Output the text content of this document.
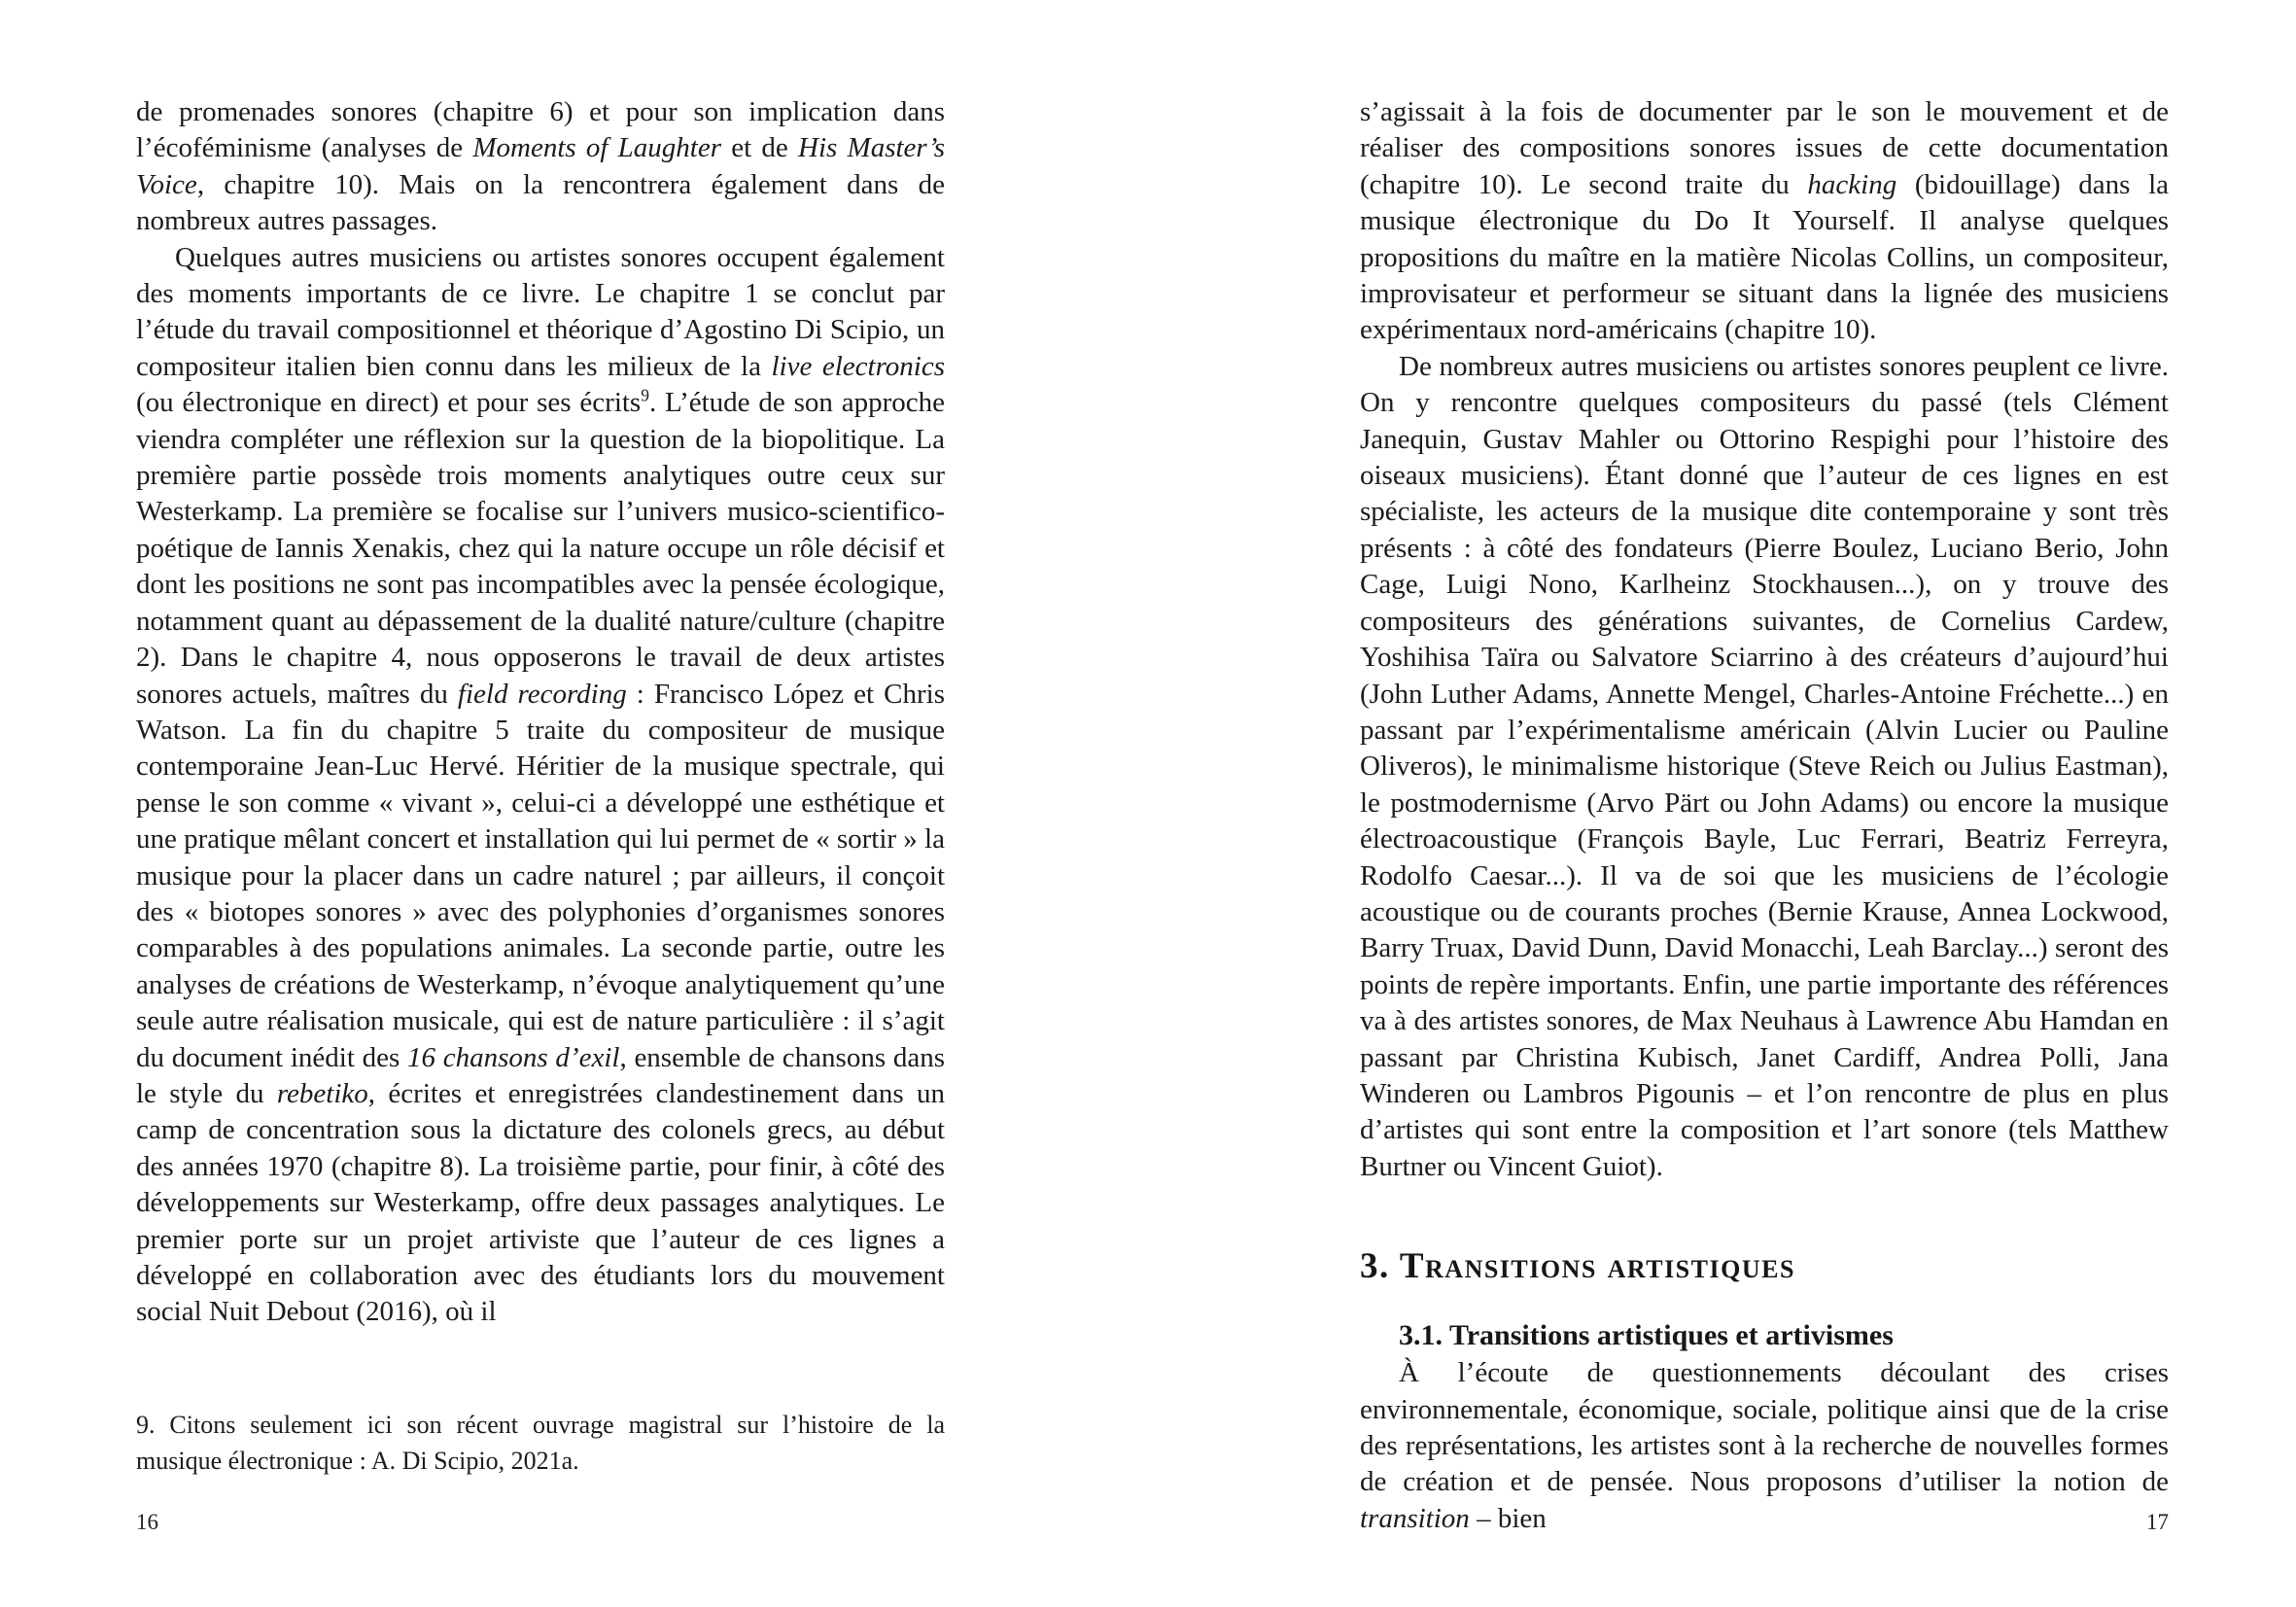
de promenades sonores (chapitre 6) et pour son implication dans l’écoféminisme (analyses de Moments of Laughter et de His Master’s Voice, chapitre 10). Mais on la rencontrera également dans de nombreux autres passages.

Quelques autres musiciens ou artistes sonores occupent également des moments importants de ce livre. Le chapitre 1 se conclut par l’étude du travail compositionnel et théorique d’Agostino Di Scipio, un compositeur italien bien connu dans les milieux de la live electronics (ou électronique en direct) et pour ses écrits$^9$. L’étude de son approche viendra compléter une réflexion sur la question de la biopolitique. La première partie possède trois moments analytiques outre ceux sur Westerkamp. La première se focalise sur l’univers musico-scientifico-poétique de Iannis Xenakis, chez qui la nature occupe un rôle décisif et dont les positions ne sont pas incompatibles avec la pensée écologique, notamment quant au dépassement de la dualité nature/culture (chapitre 2). Dans le chapitre 4, nous opposerons le travail de deux artistes sonores actuels, maîtres du field recording : Francisco López et Chris Watson. La fin du chapitre 5 traite du compositeur de musique contemporaine Jean-Luc Hervé. Héritier de la musique spectrale, qui pense le son comme « vivant », celui-ci a développé une esthétique et une pratique mêlant concert et installation qui lui permet de « sortir » la musique pour la placer dans un cadre naturel ; par ailleurs, il conçoit des « biotopes sonores » avec des polyphonies d’organismes sonores comparables à des populations animales. La seconde partie, outre les analyses de créations de Westerkamp, n’évoque analytiquement qu’une seule autre réalisation musicale, qui est de nature particulière : il s’agit du document inédit des 16 chansons d’exil, ensemble de chansons dans le style du rebetiko, écrites et enregistrées clandestinement dans un camp de concentration sous la dictature des colonels grecs, au début des années 1970 (chapitre 8). La troisième partie, pour finir, à côté des développements sur Westerkamp, offre deux passages analytiques. Le premier porte sur un projet artiviste que l’auteur de ces lignes a développé en collaboration avec des étudiants lors du mouvement social Nuit Debout (2016), où il

9. Citons seulement ici son récent ouvrage magistral sur l’histoire de la musique électronique : A. Di Scipio, 2021a.
16

s’agissait à la fois de documenter par le son le mouvement et de réaliser des compositions sonores issues de cette documentation (chapitre 10). Le second traite du hacking (bidouillage) dans la musique électronique du Do It Yourself. Il analyse quelques propositions du maître en la matière Nicolas Collins, un compositeur, improvisateur et performeur se situant dans la lignée des musiciens expérimentaux nord-américains (chapitre 10).

De nombreux autres musiciens ou artistes sonores peuplent ce livre. On y rencontre quelques compositeurs du passé (tels Clément Janequin, Gustav Mahler ou Ottorino Respighi pour l’histoire des oiseaux musiciens). Étant donné que l’auteur de ces lignes en est spécialiste, les acteurs de la musique dite contemporaine y sont très présents : à côté des fondateurs (Pierre Boulez, Luciano Berio, John Cage, Luigi Nono, Karlheinz Stockhausen...), on y trouve des compositeurs des générations suivantes, de Cornelius Cardew, Yoshihisa Taïra ou Salvatore Sciarrino à des créateurs d’aujourd’hui (John Luther Adams, Annette Mengel, Charles-Antoine Fréchette...) en passant par l’expérimentalisme américain (Alvin Lucier ou Pauline Oliveros), le minimalisme historique (Steve Reich ou Julius Eastman), le postmodernisme (Arvo Pärt ou John Adams) ou encore la musique électroacoustique (François Bayle, Luc Ferrari, Beatriz Ferreyra, Rodolfo Caesar...). Il va de soi que les musiciens de l’écologie acoustique ou de courants proches (Bernie Krause, Annea Lockwood, Barry Truax, David Dunn, David Monacchi, Leah Barclay...) seront des points de repère importants. Enfin, une partie importante des références va à des artistes sonores, de Max Neuhaus à Lawrence Abu Hamdan en passant par Christina Kubisch, Janet Cardiff, Andrea Polli, Jana Winderen ou Lambros Pigounis – et l’on rencontre de plus en plus d’artistes qui sont entre la composition et l’art sonore (tels Matthew Burtner ou Vincent Guiot).

3. Transitions artistiques
3.1. Transitions artistiques et artivismes

À l’écoute de questionnements découlant des crises environnementale, économique, sociale, politique ainsi que de la crise des représentations, les artistes sont à la recherche de nouvelles formes de création et de pensée. Nous proposons d’utiliser la notion de transition – bien	17
